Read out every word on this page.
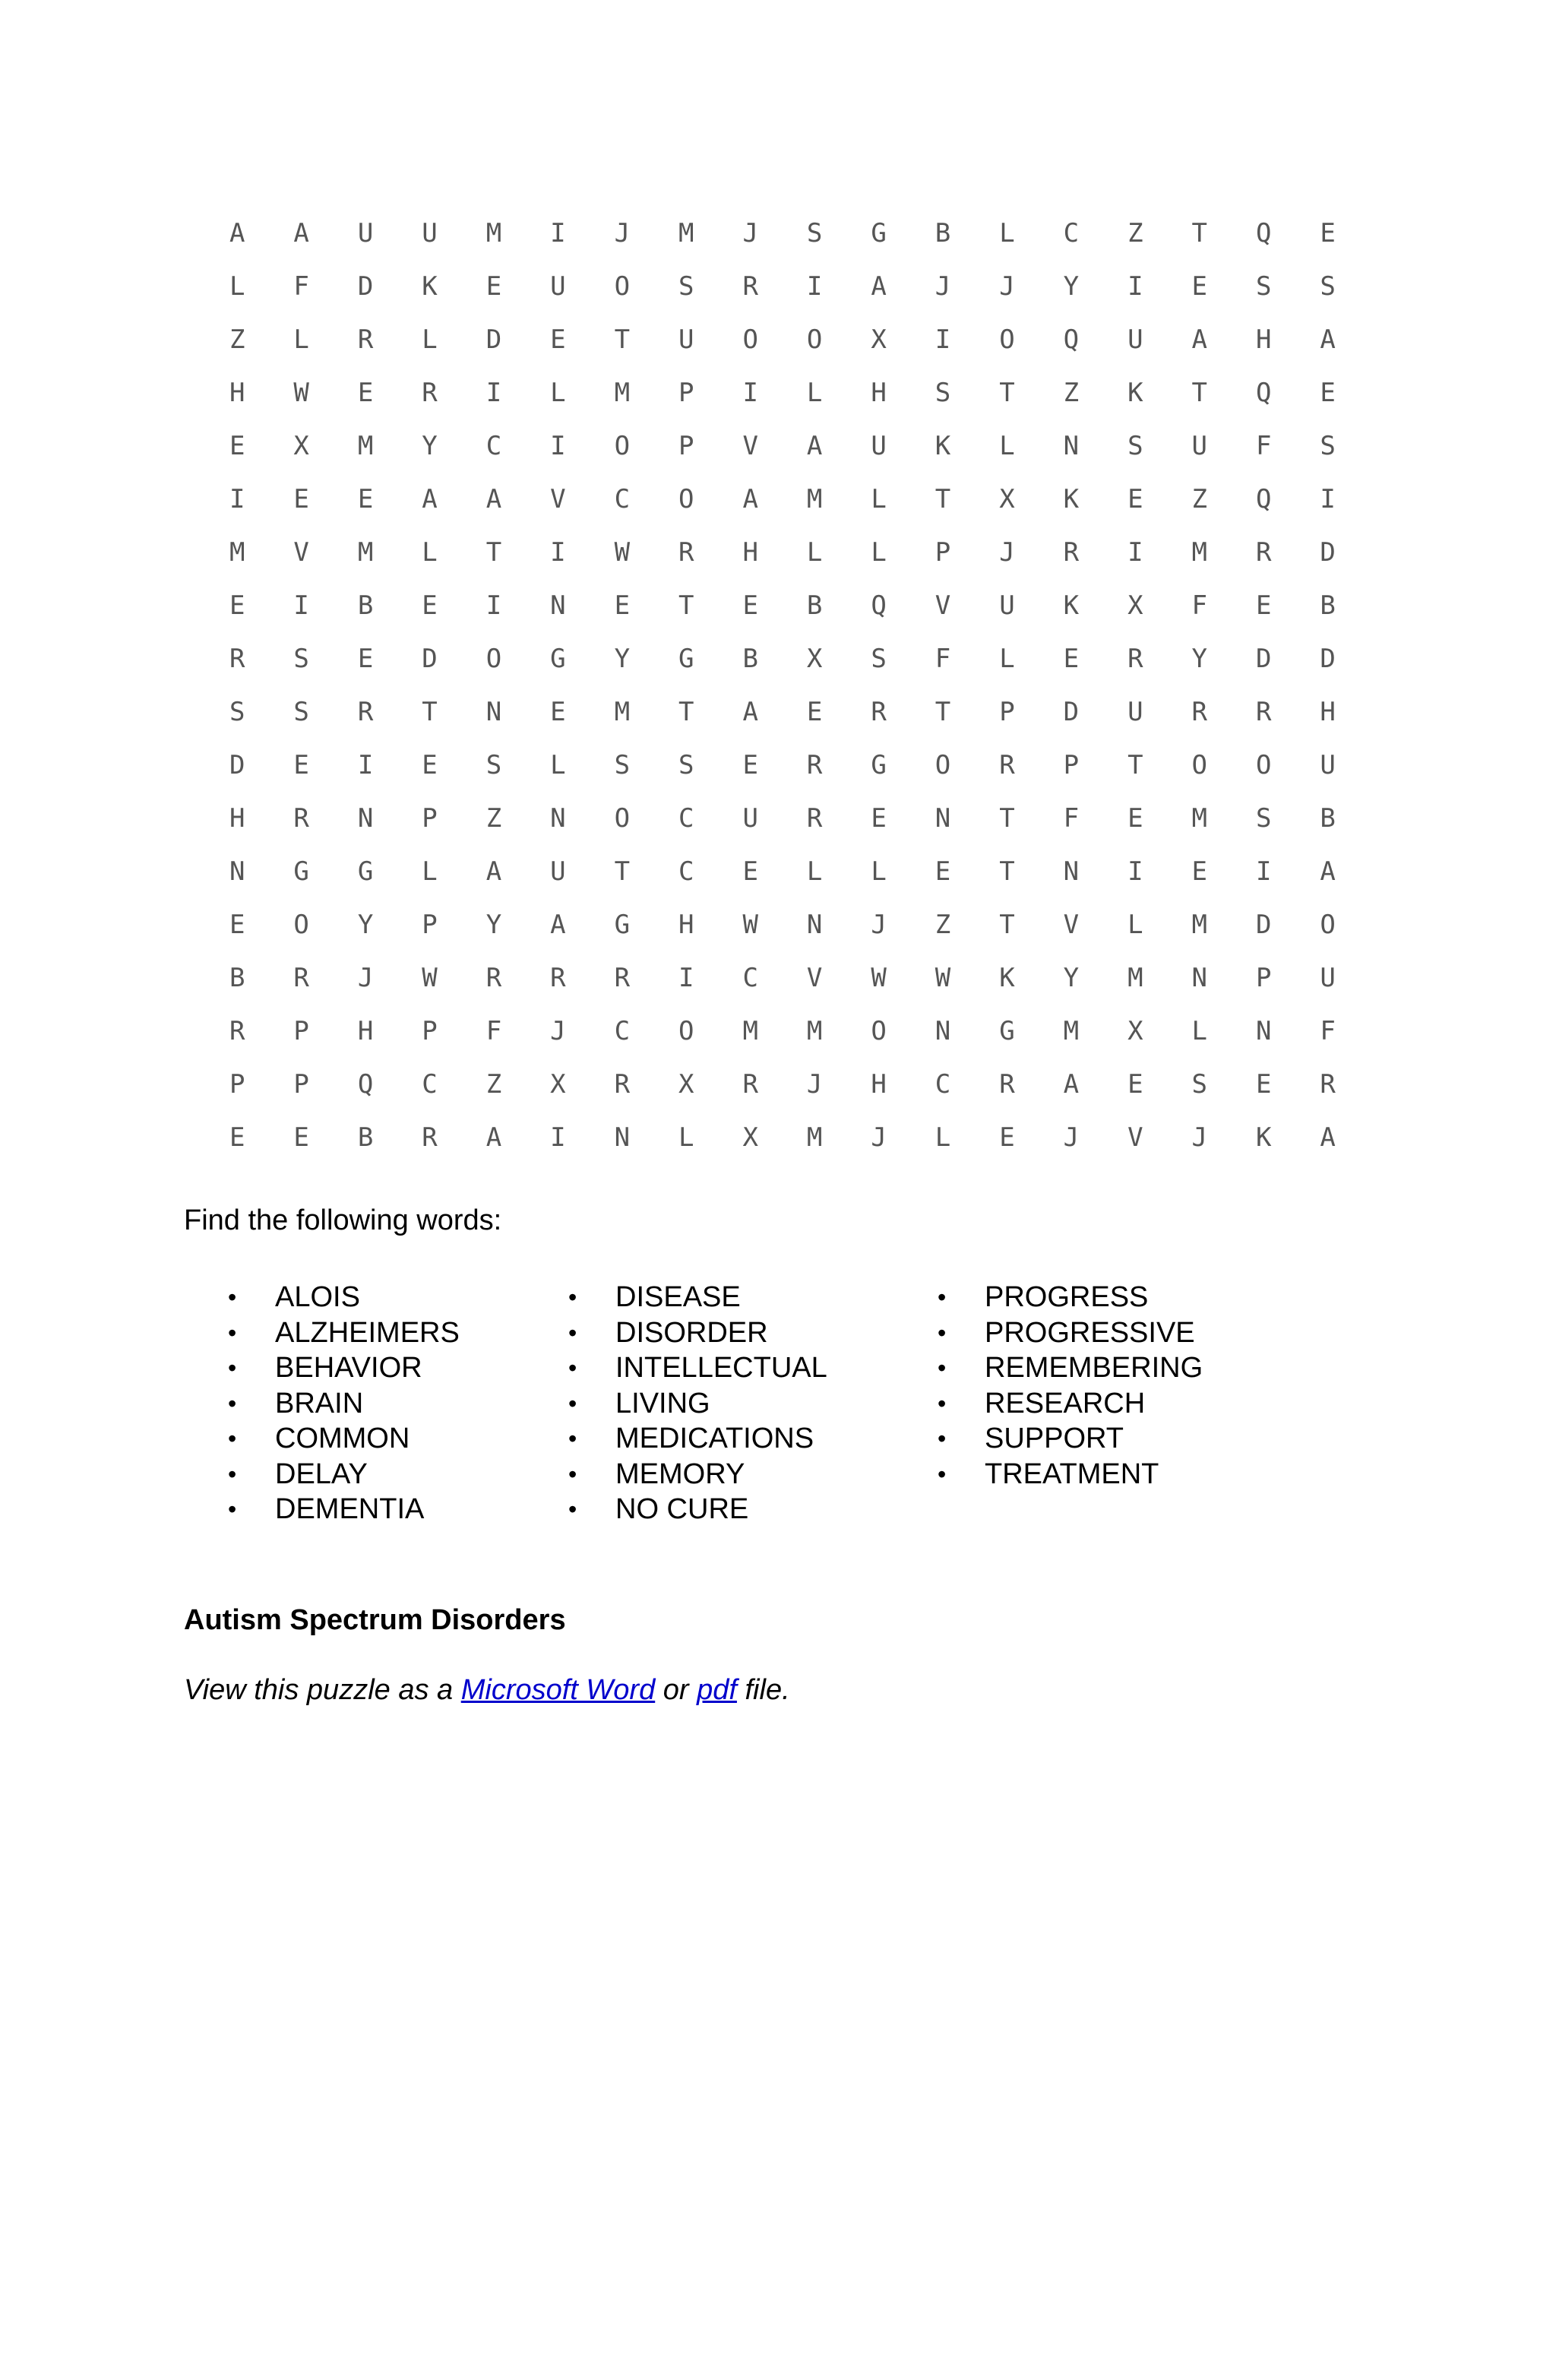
A	A	U	U	M	I	J	M	J	S	G	B	L	C	Z	T	Q	E
L	F	D	K	E	U	O	S	R	I	A	J	J	Y	I	E	S	S
Z	L	R	L	D	E	T	U	O	O	X	I	O	Q	U	A	H	A
H	W	E	R	I	L	M	P	I	L	H	S	T	Z	K	T	Q	E
E	X	M	Y	C	I	O	P	V	A	U	K	L	N	S	U	F	S
I	E	E	A	A	V	C	O	A	M	L	T	X	K	E	Z	Q	I
M	V	M	L	T	I	W	R	H	L	L	P	J	R	I	M	R	D
E	I	B	E	I	N	E	T	E	B	Q	V	U	K	X	F	E	B
R	S	E	D	O	G	Y	G	B	X	S	F	L	E	R	Y	D	D
S	S	R	T	N	E	M	T	A	E	R	T	P	D	U	R	R	H
D	E	I	E	S	L	S	S	E	R	G	O	R	P	T	O	O	U
H	R	N	P	Z	N	O	C	U	R	E	N	T	F	E	M	S	B
N	G	G	L	A	U	T	C	E	L	L	E	T	N	I	E	I	A
E	O	Y	P	Y	A	G	H	W	N	J	Z	T	V	L	M	D	O
B	R	J	W	R	R	R	I	C	V	W	W	K	Y	M	N	P	U
R	P	H	P	F	J	C	O	M	M	O	N	G	M	X	L	N	F
P	P	Q	C	Z	X	R	X	R	J	H	C	R	A	E	S	E	R
E	E	B	R	A	I	N	L	X	M	J	L	E	J	V	J	K	A
Find the following words:
• ALOIS
• ALZHEIMERS
• BEHAVIOR
• BRAIN
• COMMON
• DELAY
• DEMENTIA
• DISEASE
• DISORDER
• INTELLECTUAL
• LIVING
• MEDICATIONS
• MEMORY
• NO CURE
• PROGRESS
• PROGRESSIVE
• REMEMBERING
• RESEARCH
• SUPPORT
• TREATMENT
Autism Spectrum Disorders
View this puzzle as a Microsoft Word or pdf file.
